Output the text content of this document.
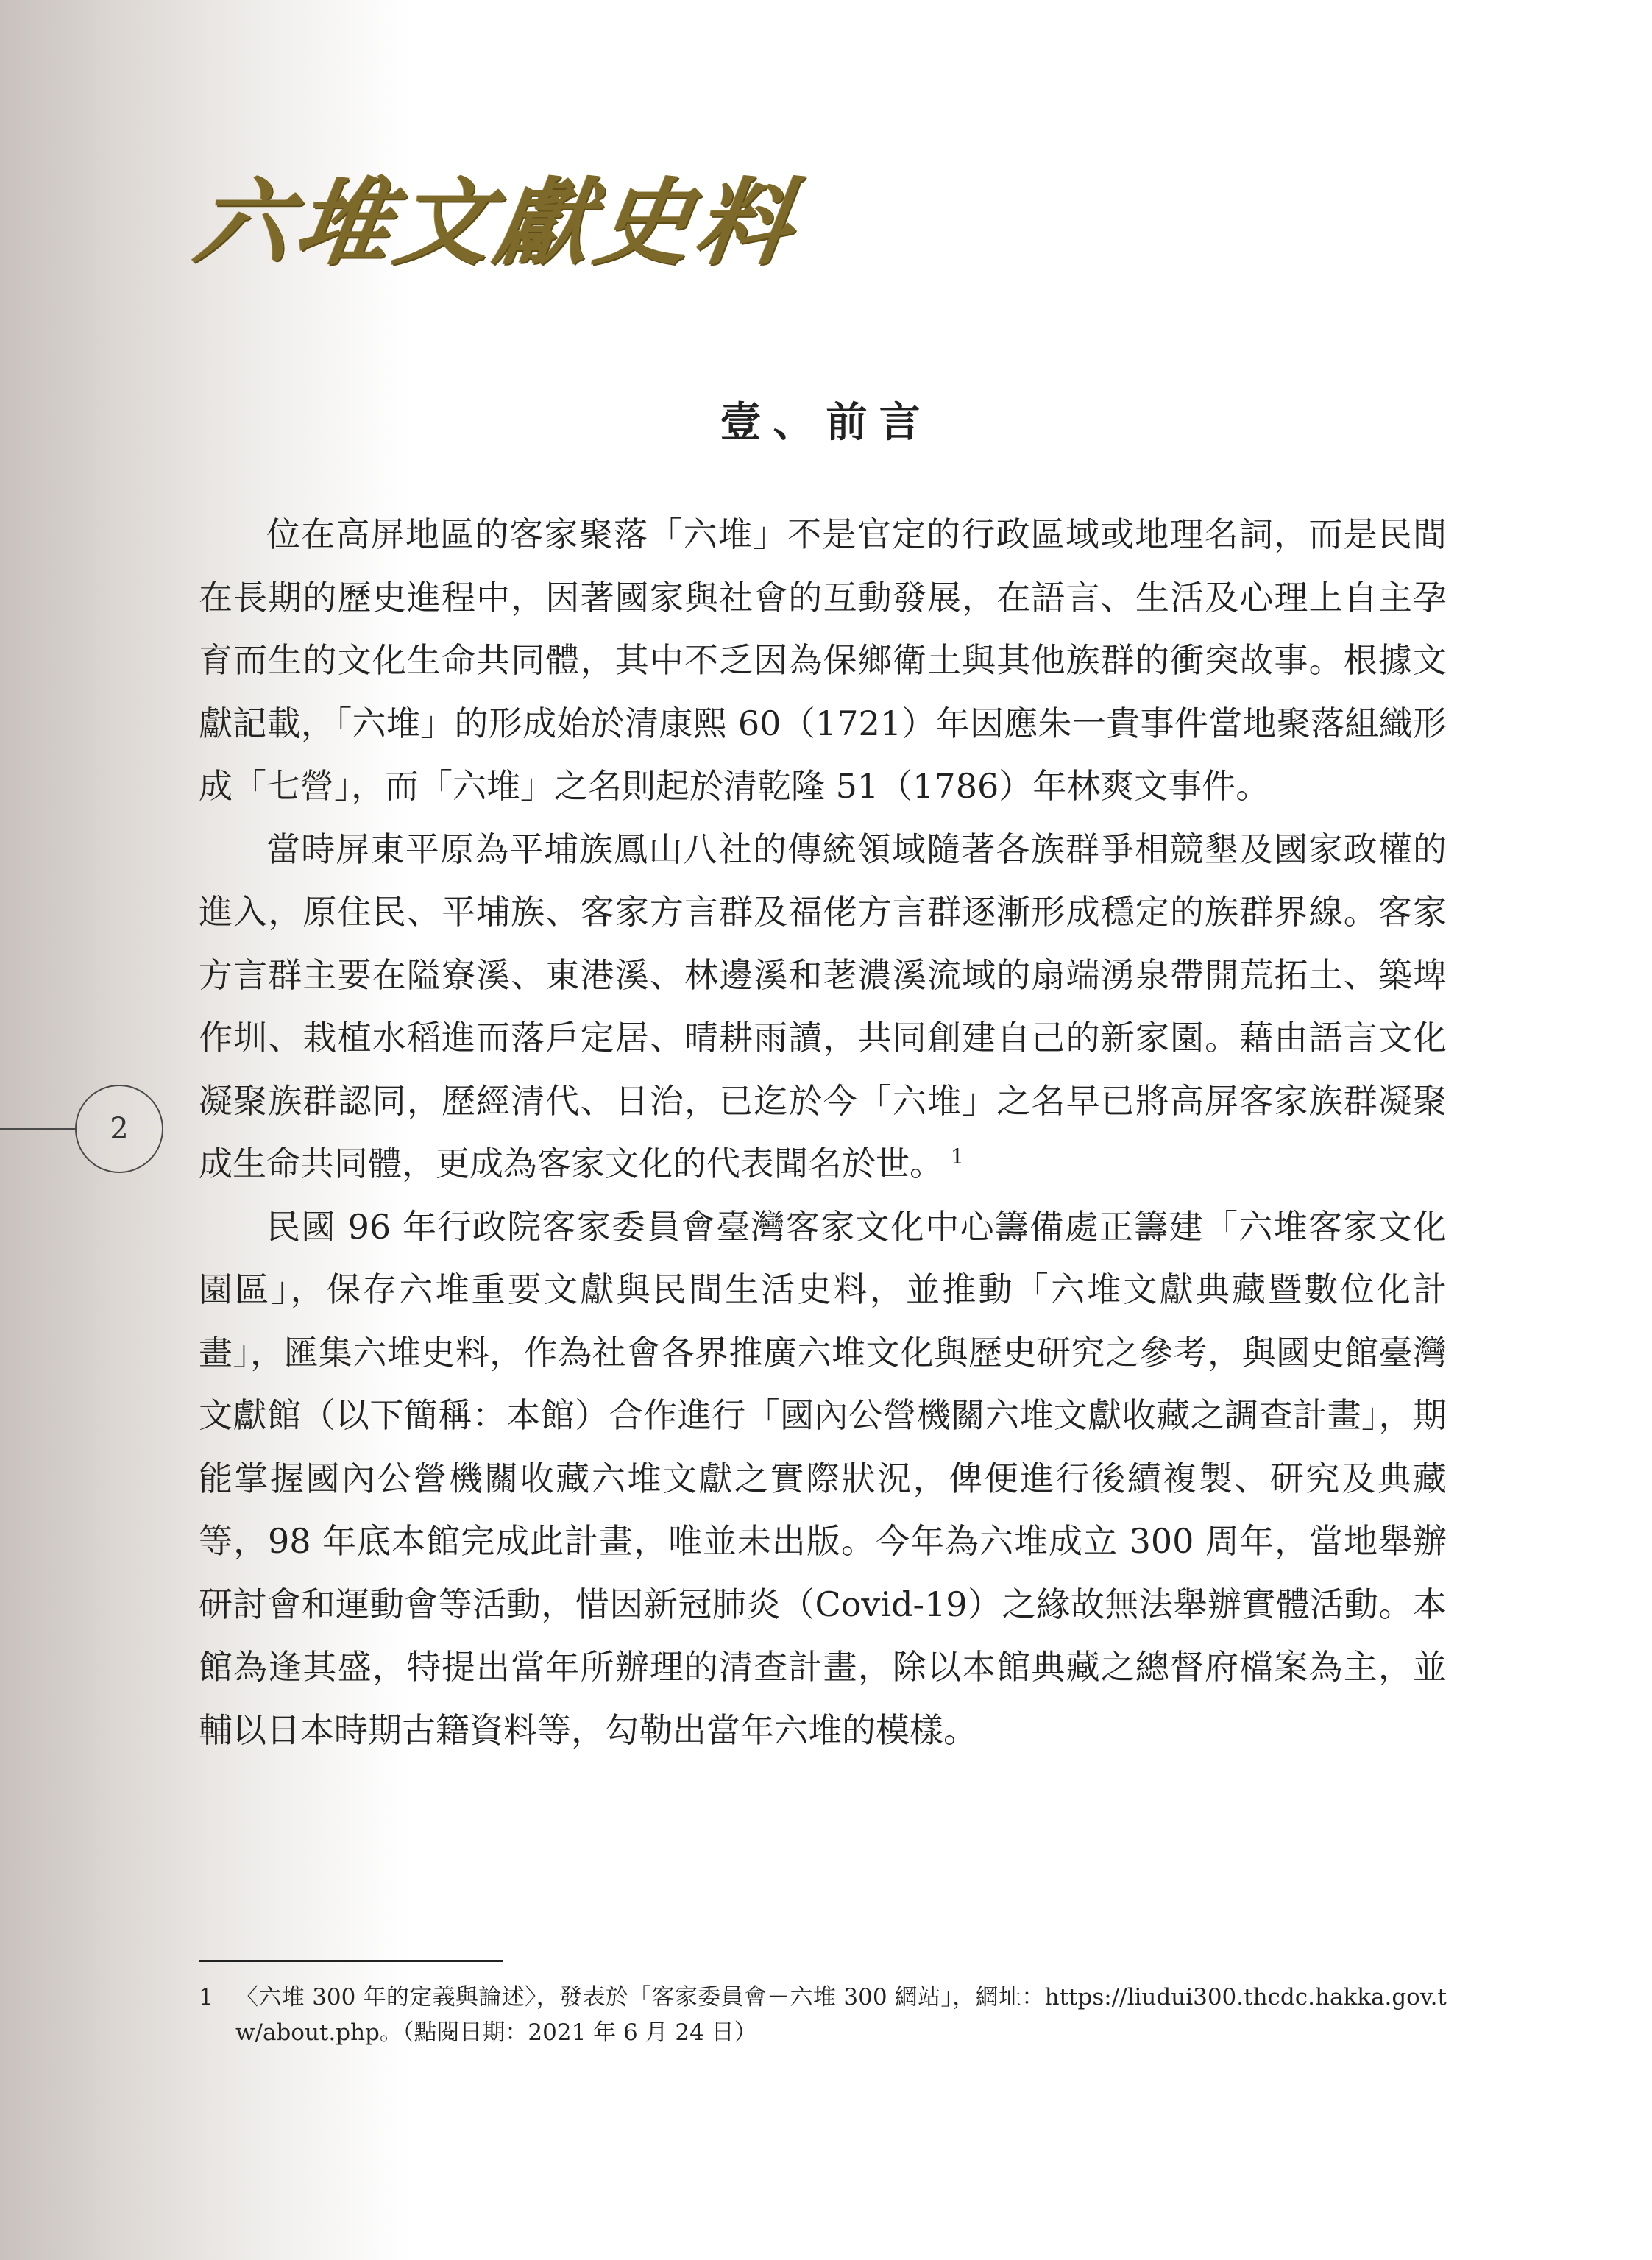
六堆文獻史料
2
壹、前言

位在高屏地區的客家聚落「六堆」不是官定的行政區域或地理名詞，而是民間在長期的歷史進程中，因著國家與社會的互動發展，在語言、生活及心理上自主孕育而生的文化生命共同體，其中不乏因為保鄉衛土與其他族群的衝突故事。根據文獻記載，「六堆」的形成始於清康熙 60（1721）年因應朱一貴事件當地聚落組織形成「七營」，而「六堆」之名則起於清乾隆 51（1786）年林爽文事件。

當時屏東平原為平埔族鳳山八社的傳統領域隨著各族群爭相競墾及國家政權的進入，原住民、平埔族、客家方言群及福佬方言群逐漸形成穩定的族群界線。客家方言群主要在隘寮溪、東港溪、林邊溪和荖濃溪流域的扇端湧泉帶開荒拓土、築埤作圳、栽植水稻進而落戶定居、晴耕雨讀，共同創建自己的新家園。藉由語言文化凝聚族群認同，歷經清代、日治，已迄於今「六堆」之名早已將高屏客家族群凝聚成生命共同體，更成為客家文化的代表聞名於世。 $^1$

民國 96 年行政院客家委員會臺灣客家文化中心籌備處正籌建「六堆客家文化園區」，保存六堆重要文獻與民間生活史料，並推動「六堆文獻典藏暨數位化計畫」，匯集六堆史料，作為社會各界推廣六堆文化與歷史研究之參考，與國史館臺灣文獻館（以下簡稱：本館）合作進行「國內公營機關六堆文獻收藏之調查計畫」，期能掌握國內公營機關收藏六堆文獻之實際狀況，俾便進行後續複製、研究及典藏等，98 年底本館完成此計畫，唯並未出版。今年為六堆成立 300 周年，當地舉辦研討會和運動會等活動，惜因新冠肺炎（Covid-19）之緣故無法舉辦實體活動。本館為逢其盛，特提出當年所辦理的清查計畫，除以本館典藏之總督府檔案為主，並輔以日本時期古籍資料等，勾勒出當年六堆的模樣。

1 〈六堆 300 年的定義與論述〉，發表於「客家委員會－六堆 300 網站」，網址：https://liudui300.thcdc.hakka.gov.tw/about.php。（點閱日期：2021 年 6 月 24 日）
